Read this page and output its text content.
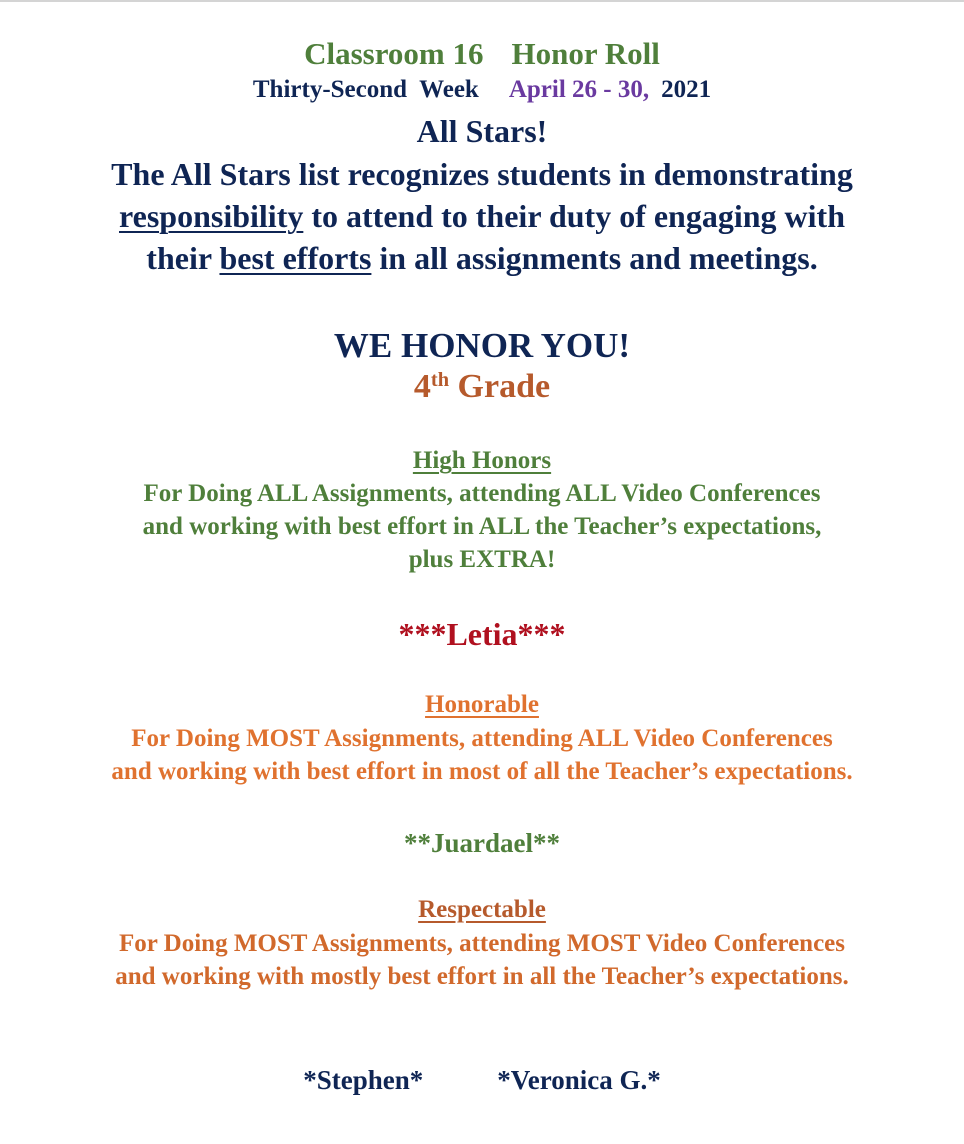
Classroom 16 Honor Roll
Thirty-Second  Week April 26 - 30, 2021
All Stars!
The All Stars list recognizes students in demonstrating
responsibility to attend to their duty of engaging with
their best efforts in all assignments and meetings.
WE HONOR YOU!
4th Grade
High Honors
For Doing ALL Assignments, attending ALL Video Conferences
and working with best effort in ALL the Teacher’s expectations,
plus EXTRA!
***Letia***
Honorable
For Doing MOST Assignments, attending ALL Video Conferences
and working with best effort in most of all the Teacher’s expectations.
**Juardael**
Respectable
For Doing MOST Assignments, attending MOST Video Conferences
and working with mostly best effort in all the Teacher’s expectations.
*Stephen*	*Veronica G.*
